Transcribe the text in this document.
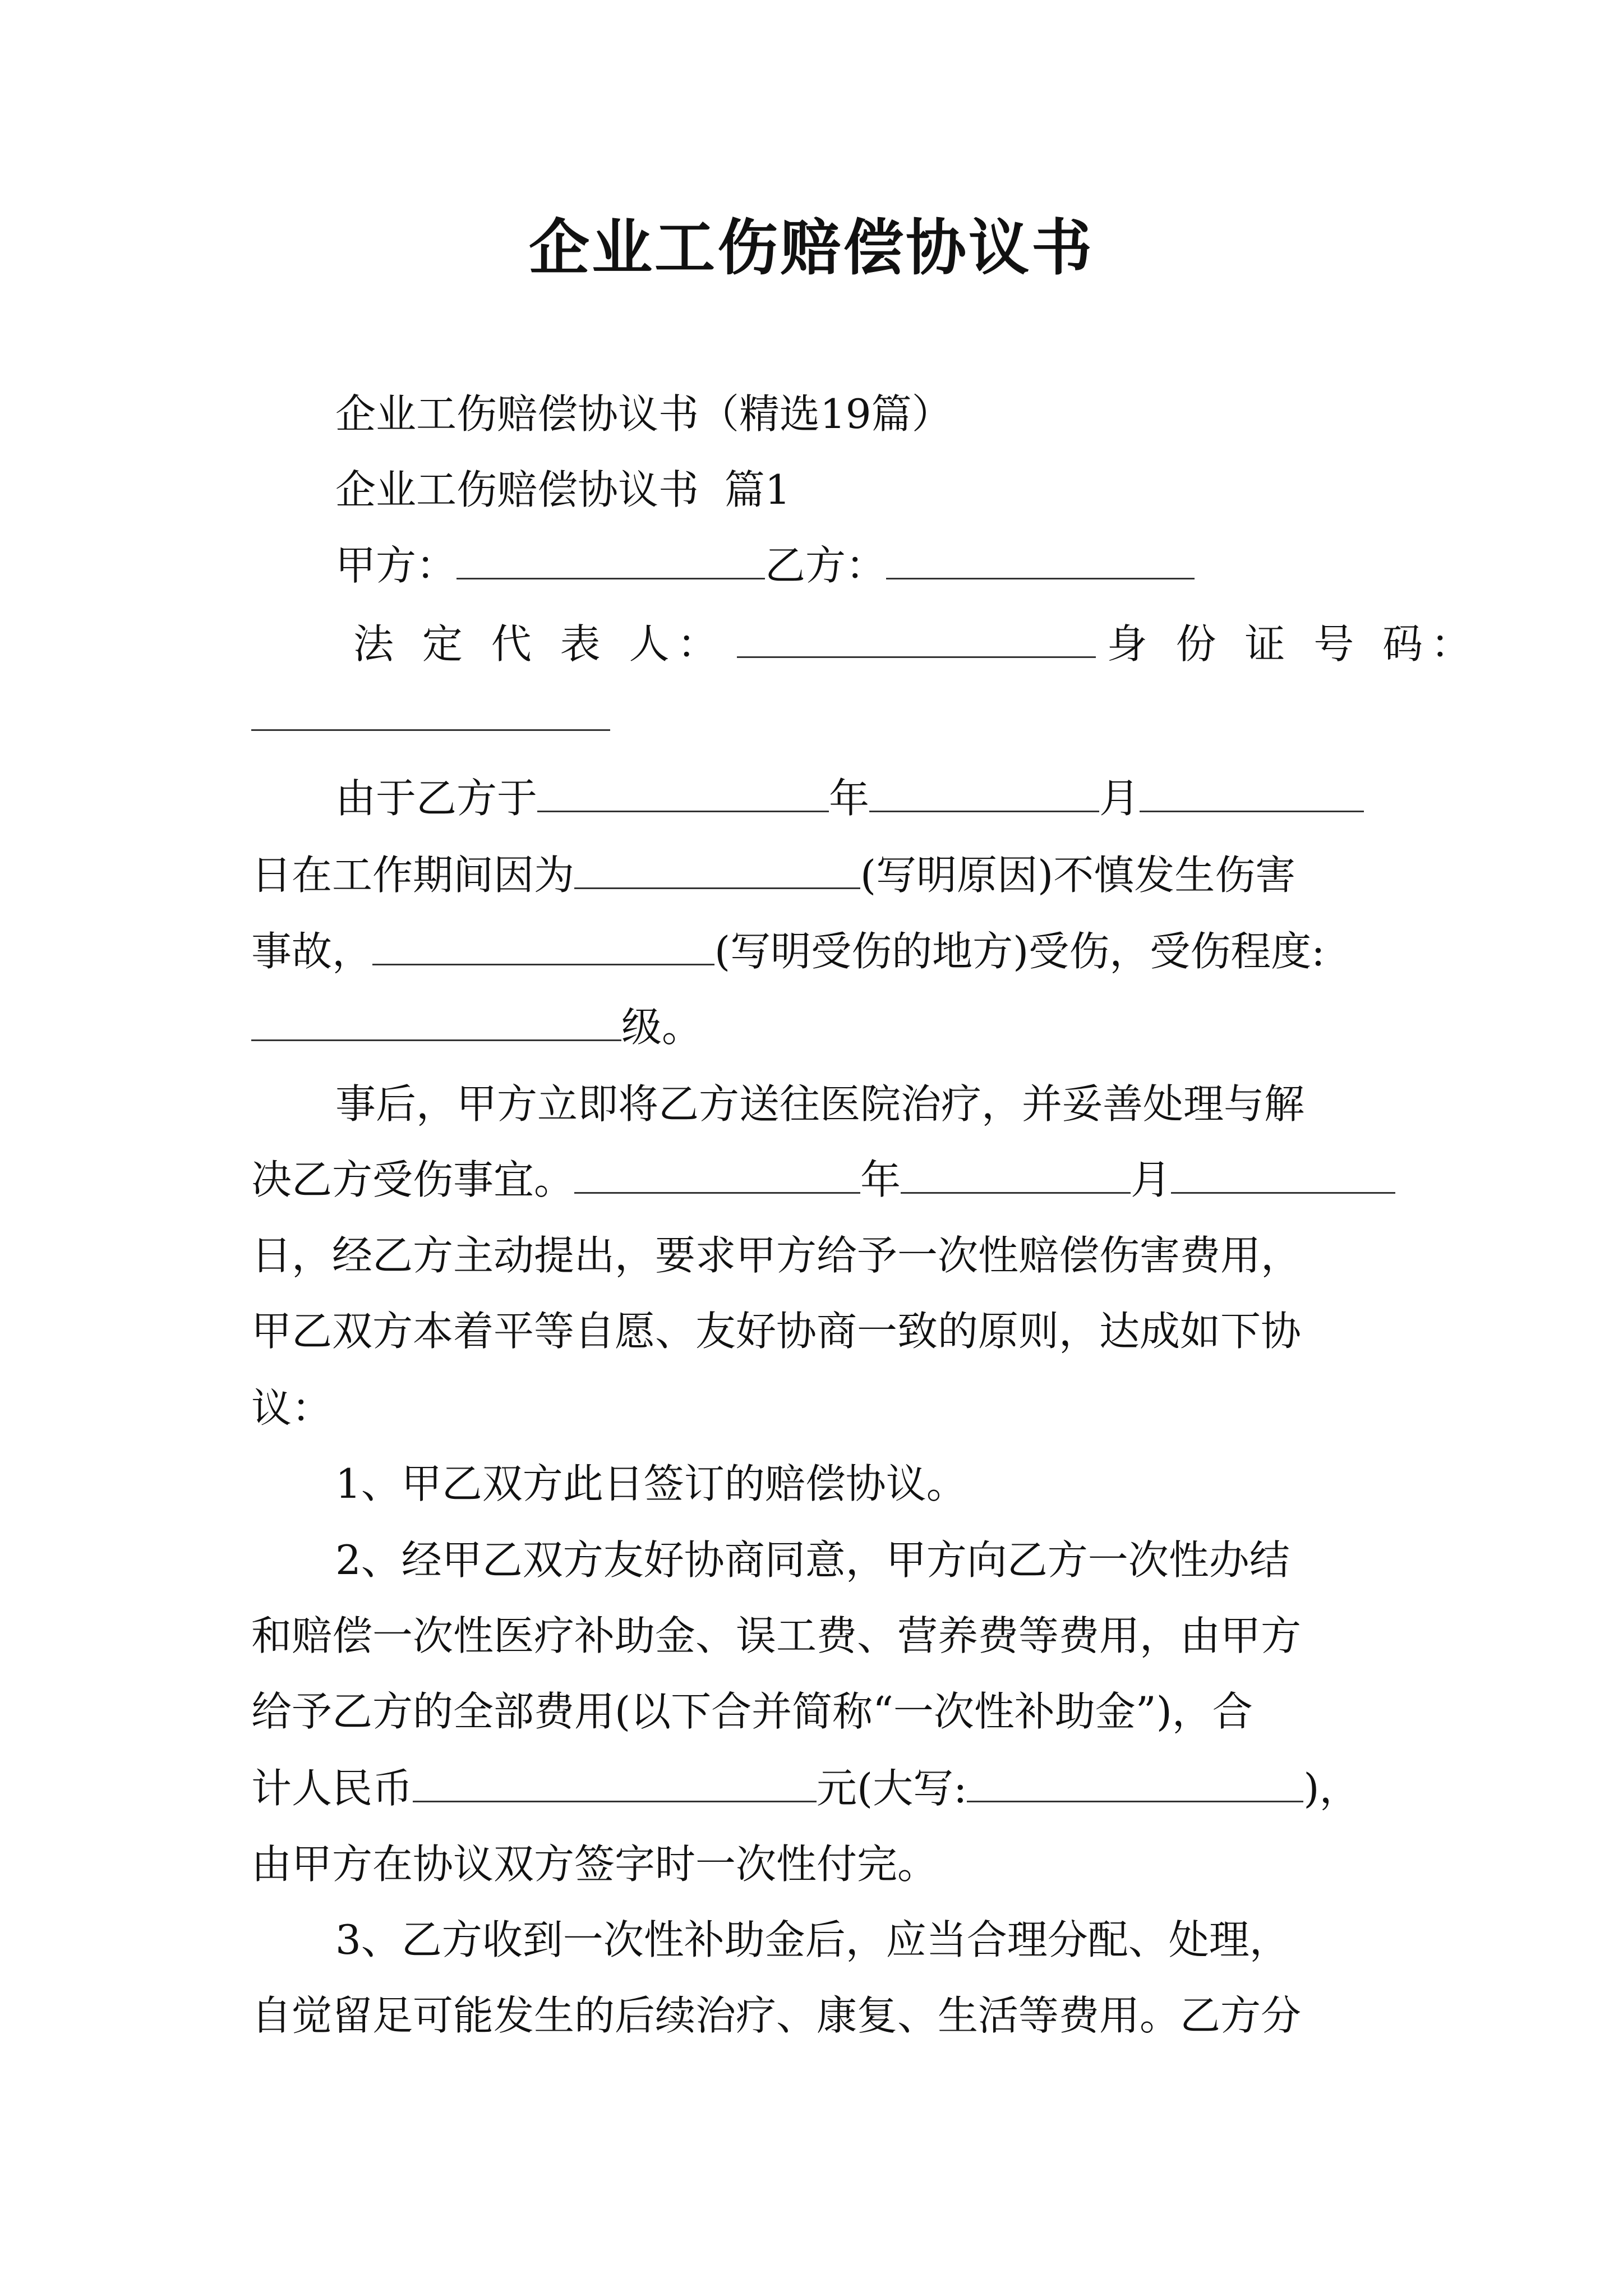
企业工伤赔偿协议书
企业工伤赔偿协议书（精选19篇）
企业工伤赔偿协议书  篇1
甲方：	乙方：
法 定 代 表 人：	身 份 证 号 码：
由于乙方于	年	月
日在工作期间因为	(写明原因)不慎发生伤害
事故，	(写明受伤的地方)受伤，受伤程度:
级。
事后，甲方立即将乙方送往医院治疗，并妥善处理与解
决乙方受伤事宜。	年	月
日，经乙方主动提出，要求甲方给予一次性赔偿伤害费用，
甲乙双方本着平等自愿、友好协商一致的原则，达成如下协
议：
1、甲乙双方此日签订的赔偿协议。
2、经甲乙双方友好协商同意，甲方向乙方一次性办结
和赔偿一次性医疗补助金、误工费、营养费等费用，由甲方
给予乙方的全部费用(以下合并简称“一次性补助金”)，合
计人民币	元(大写:	)，
由甲方在协议双方签字时一次性付完。
3、乙方收到一次性补助金后，应当合理分配、处理，
自觉留足可能发生的后续治疗、康复、生活等费用。乙方分
